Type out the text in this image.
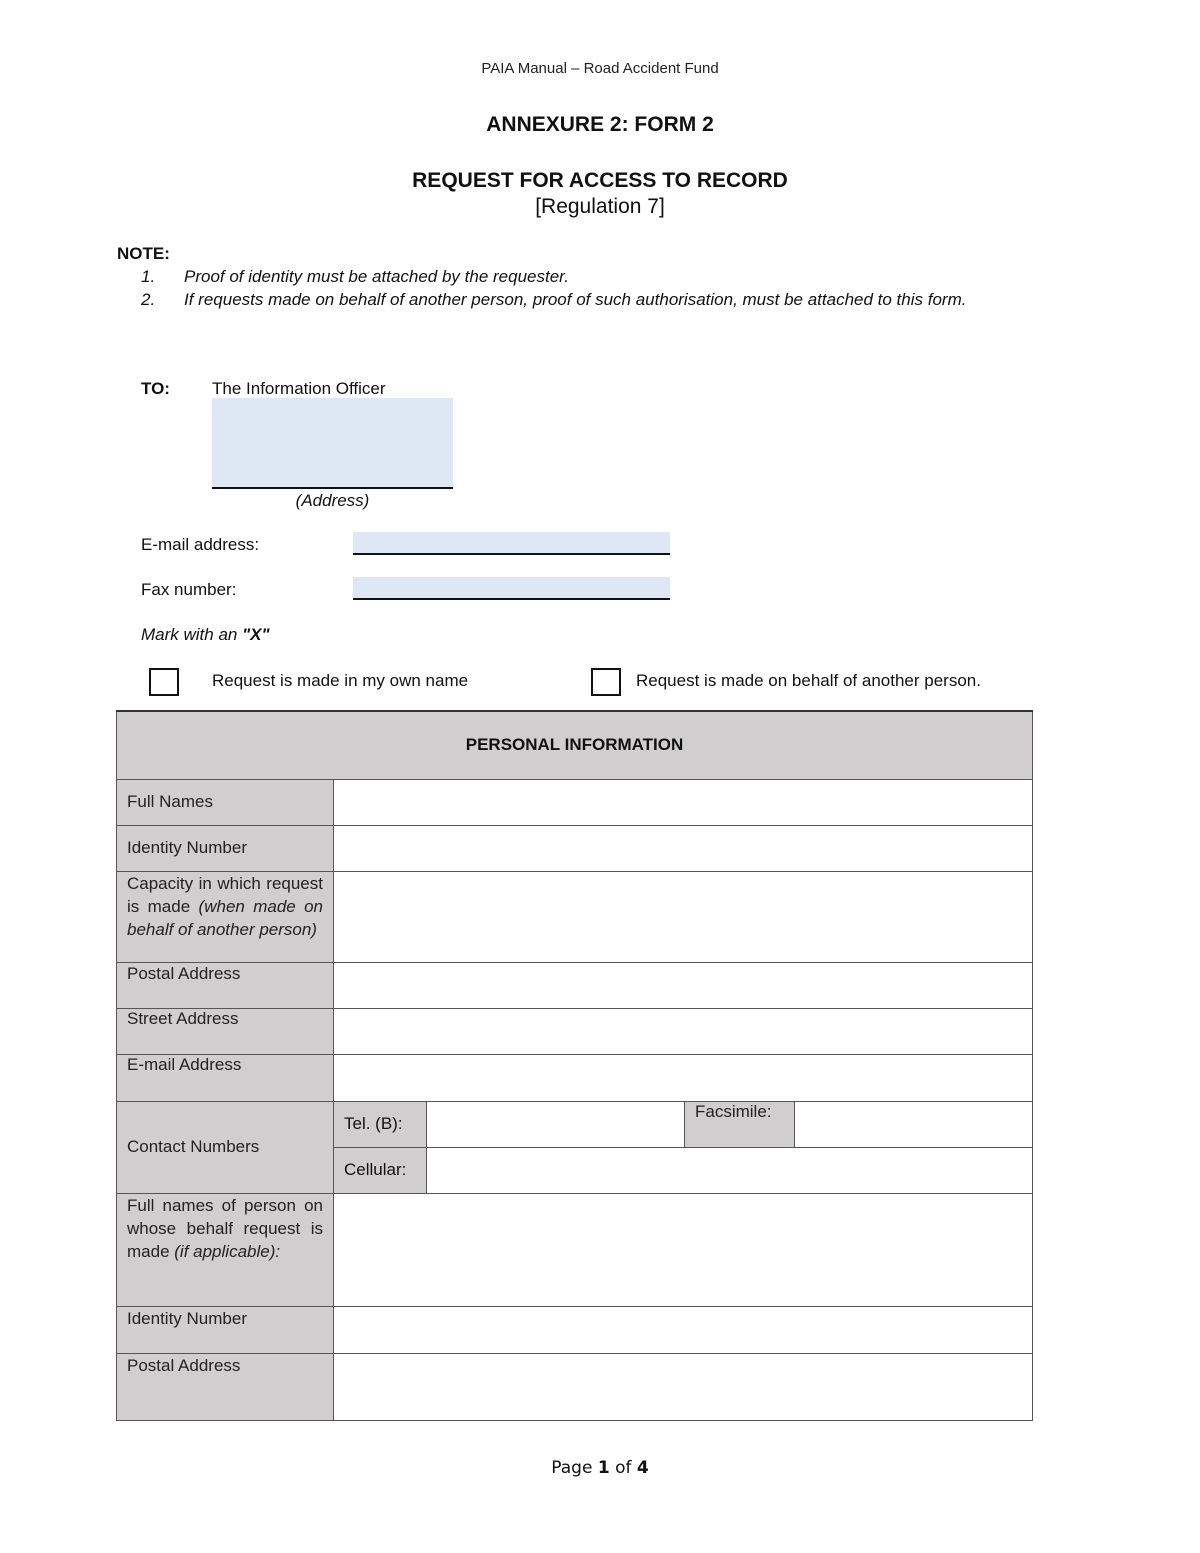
PAIA Manual – Road Accident Fund
ANNEXURE 2: FORM 2
REQUEST FOR ACCESS TO RECORD
[Regulation 7]
NOTE:
1. Proof of identity must be attached by the requester.
2. If requests made on behalf of another person, proof of such authorisation, must be attached to this form.
TO: The Information Officer
(Address)
E-mail address:
Fax number:
Mark with an "X"
Request is made in my own name	Request is made on behalf of another person.
PERSONAL INFORMATION				
Full Names				
Identity Number				
Capacity in which request is made (when made on behalf of another person)				
Postal Address				
Street Address				
E-mail Address				
Contact Numbers	Tel. (B):		Facsimile:	
	Cellular:			
Full names of person on whose behalf request is made (if applicable):				
Identity Number				
Postal Address				
Page 1 of 4
